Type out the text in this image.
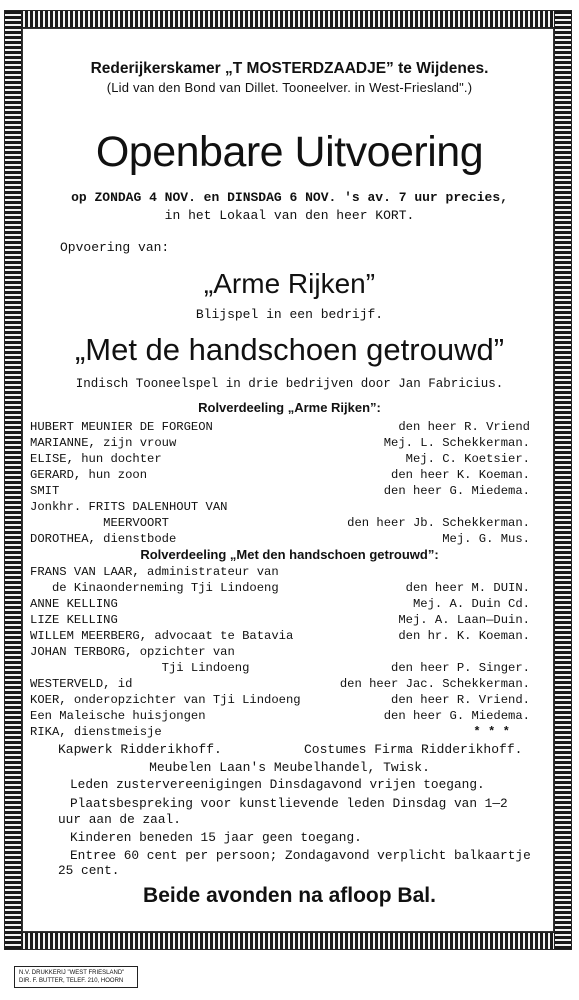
Rederijkerskamer „T MOSTERDZAADJE” te Wijdenes.
(Lid van den Bond van Dillet. Tooneelver. in West-Friesland".)
Openbare Uitvoering
op ZONDAG 4 NOV. en DINSDAG 6 NOV. 's av. 7 uur precies,
in het Lokaal van den heer KORT.
Opvoering van:
„Arme Rijken”
Blijspel in een bedrijf.
„Met de handschoen getrouwd”
Indisch Tooneelspel in drie bedrijven door Jan Fabricius.
Rolverdeeling „Arme Rijken”:
HUBERT MEUNIER DE FORGEON	den heer R. Vriend
MARIANNE, zijn vrouw	Mej. L. Schekkerman.
ELISE, hun dochter	Mej. C. Koetsier.
GERARD, hun zoon	den heer K. Koeman.
SMIT	den heer G. Miedema.
Jonkhr. FRITS DALENHOUT VAN
MEERVOORT	den heer Jb. Schekkerman.
DOROTHEA, dienstbode	Mej. G. Mus.
Rolverdeeling „Met den handschoen getrouwd”:
FRANS VAN LAAR, administrateur van
de Kinaonderneming Tji Lindoeng	den heer M. DUIN.
ANNE KELLING	Mej. A. Duin Cd.
LIZE KELLING	Mej. A. Laan—Duin.
WILLEM MEERBERG, advocaat te Batavia	den hr. K. Koeman.
JOHAN TERBORG, opzichter van
Tji Lindoeng	den heer P. Singer.
WESTERVELD, id	den heer Jac. Schekkerman.
KOER, onderopzichter van Tji Lindoeng	den heer R. Vriend.
Een Maleische huisjongen	den heer G. Miedema.
RIKA, dienstmeisje	* * *
Kapwerk Ridderikhoff.	Costumes Firma Ridderikhoff.
Meubelen Laan's Meubelhandel, Twisk.
Leden zustervereenigingen Dinsdagavond vrijen toegang.
Plaatsbespreking voor kunstlievende leden Dinsdag van 1—2
uur aan de zaal.
Kinderen beneden 15 jaar geen toegang.
Entree 60 cent per persoon; Zondagavond verplicht balkaartje
25 cent.
Beide avonden na afloop Bal.
N.V. DRUKKERIJ "WEST FRIESLAND"
DIR. F. BUTTER, TELEF. 210, HOORN
